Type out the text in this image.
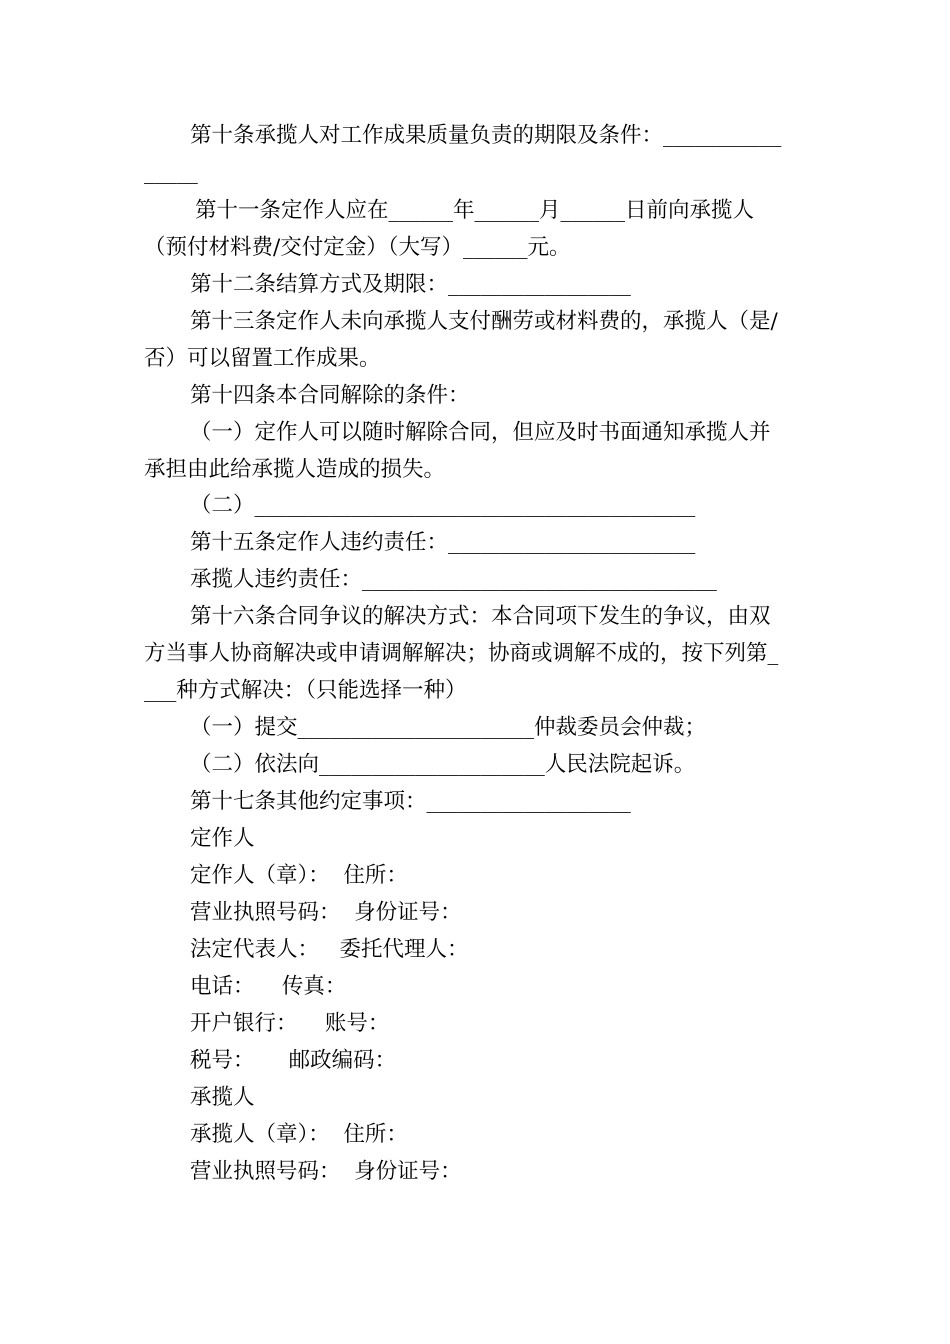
第十条承揽人对工作成果质量负责的期限及条件：___________
_____
第十一条定作人应在______年______月______日前向承揽人
（预付材料费/交付定金）（大写）______元。
第十二条结算方式及期限：_________________
第十三条定作人未向承揽人支付酬劳或材料费的，承揽人（是/
否）可以留置工作成果。
第十四条本合同解除的条件：
（一）定作人可以随时解除合同，但应及时书面通知承揽人并
承担由此给承揽人造成的损失。
（二）_________________________________________
第十五条定作人违约责任：_______________________
承揽人违约责任：_________________________________
第十六条合同争议的解决方式：本合同项下发生的争议，由双
方当事人协商解决或申请调解解决；协商或调解不成的，按下列第_
___种方式解决：（只能选择一种）
（一）提交______________________仲裁委员会仲裁；
（二）依法向_____________________人民法院起诉。
第十七条其他约定事项：___________________
定作人
定作人（章）：  住所：
营业执照号码：  身份证号：
法定代表人：   委托代理人：
电话：    传真：
开户银行：    账号：
税号：     邮政编码：
承揽人
承揽人（章）：  住所：
营业执照号码：  身份证号：
